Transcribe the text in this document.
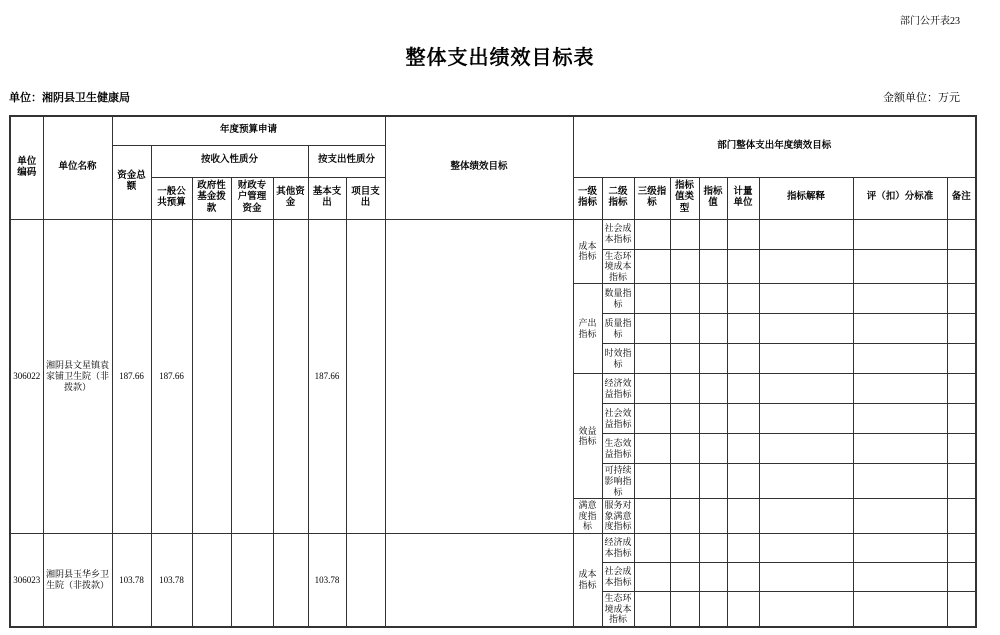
部门公开表23
整体支出绩效目标表
单位：湘阴县卫生健康局	金额单位：万元
单位编码	单位名称	年度预算申请							整体绩效目标	部门整体支出年度绩效目标								
		资金总额	按收入性质分				按支出性质分											
			一般公共预算	政府性基金拨款	财政专户管理资金	其他资金	基本支出	项目支出		一级指标	二级指标	三级指标	指标值类型	指标值	计量单位	指标解释	评（扣）分标准	备注
306022	湘阴县文星镇袁家铺卫生院（非拨款）	187.66	187.66				187.66			成本指标	社会成本指标							
											生态环境成本指标							
										产出指标	数量指标							
											质量指标							
											时效指标							
										效益指标	经济效益指标							
											社会效益指标							
											生态效益指标							
											可持续影响指标							
										满意度指标	服务对象满意度指标							
306023	湘阴县玉华乡卫生院（非拨款）	103.78	103.78				103.78			成本指标	经济成本指标							
											社会成本指标							
											生态环境成本指标							
